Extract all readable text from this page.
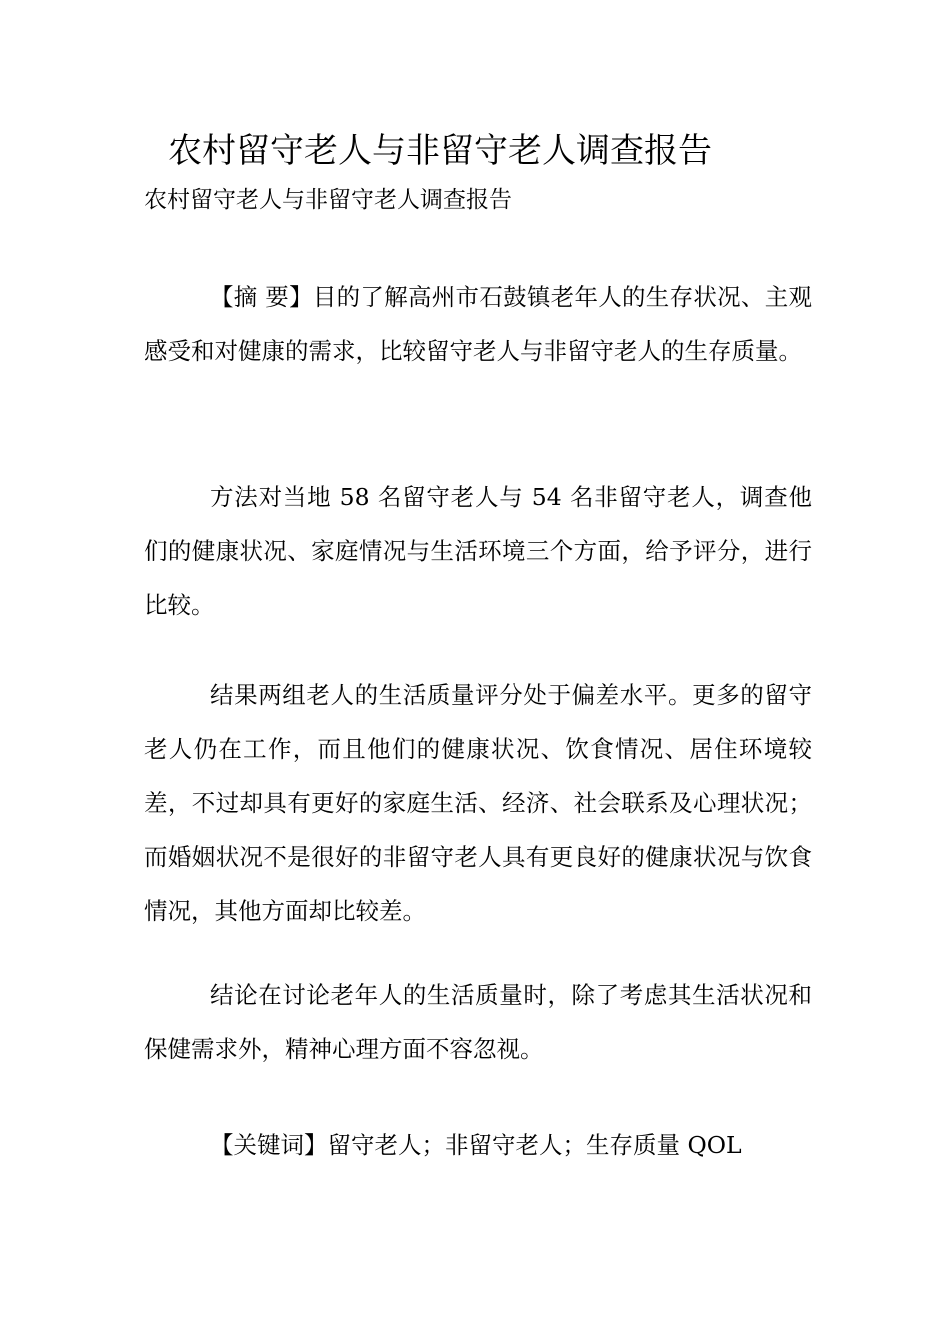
农村留守老人与非留守老人调查报告

农村留守老人与非留守老人调查报告

【摘 要】目的了解高州市石鼓镇老年人的生存状况、主观感受和对健康的需求，比较留守老人与非留守老人的生存质量。

方法对当地 58 名留守老人与 54 名非留守老人，调查他们的健康状况、家庭情况与生活环境三个方面，给予评分，进行比较。

结果两组老人的生活质量评分处于偏差水平。更多的留守老人仍在工作，而且他们的健康状况、饮食情况、居住环境较差，不过却具有更好的家庭生活、经济、社会联系及心理状况；而婚姻状况不是很好的非留守老人具有更良好的健康状况与饮食情况，其他方面却比较差。

结论在讨论老年人的生活质量时，除了考虑其生活状况和保健需求外，精神心理方面不容忽视。

【关键词】留守老人；非留守老人；生存质量 QOL
